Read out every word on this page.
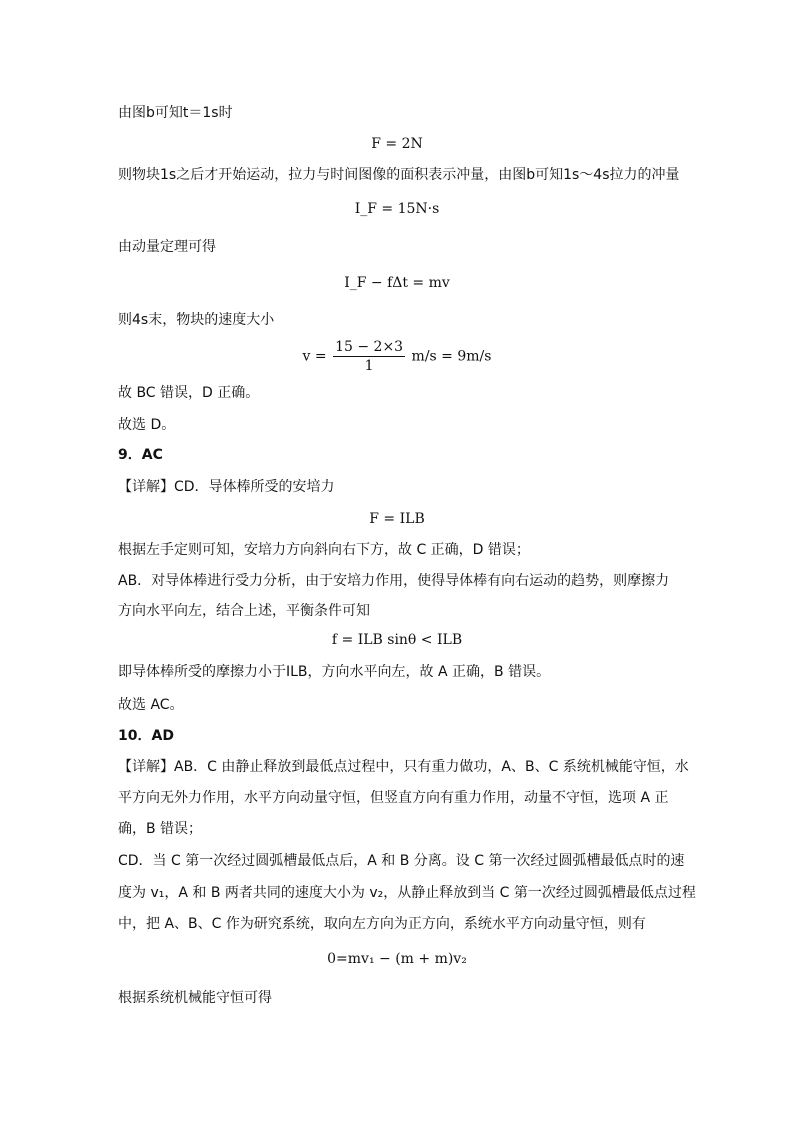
由图b可知t＝1s时
F = 2N
则物块1s之后才开始运动，拉力与时间图像的面积表示冲量，由图b可知1s～4s拉力的冲量
I_F = 15N·s
由动量定理可得
I_F − fΔt = mv
则4s末，物块的速度大小
$v = \frac{15 - 2\times 3}{1} m/s = 9m/s$
故 BC 错误，D 正确。
故选 D。
9．AC
【详解】CD．导体棒所受的安培力
F = ILB
根据左手定则可知，安培力方向斜向右下方，故 C 正确，D 错误；
AB．对导体棒进行受力分析，由于安培力作用，使得导体棒有向右运动的趋势，则摩擦力
方向水平向左，结合上述，平衡条件可知
f = ILB sinθ < ILB
即导体棒所受的摩擦力小于ILB，方向水平向左，故 A 正确，B 错误。
故选 AC。
10．AD
【详解】AB．C 由静止释放到最低点过程中，只有重力做功，A、B、C 系统机械能守恒，水
平方向无外力作用，水平方向动量守恒，但竖直方向有重力作用，动量不守恒，选项 A 正
确，B 错误；
CD．当 C 第一次经过圆弧槽最低点后，A 和 B 分离。设 C 第一次经过圆弧槽最低点时的速
度为 v₁，A 和 B 两者共同的速度大小为 v₂，从静止释放到当 C 第一次经过圆弧槽最低点过程
中，把 A、B、C 作为研究系统，取向左方向为正方向，系统水平方向动量守恒，则有
0=mv₁ − (m + m)v₂
根据系统机械能守恒可得
